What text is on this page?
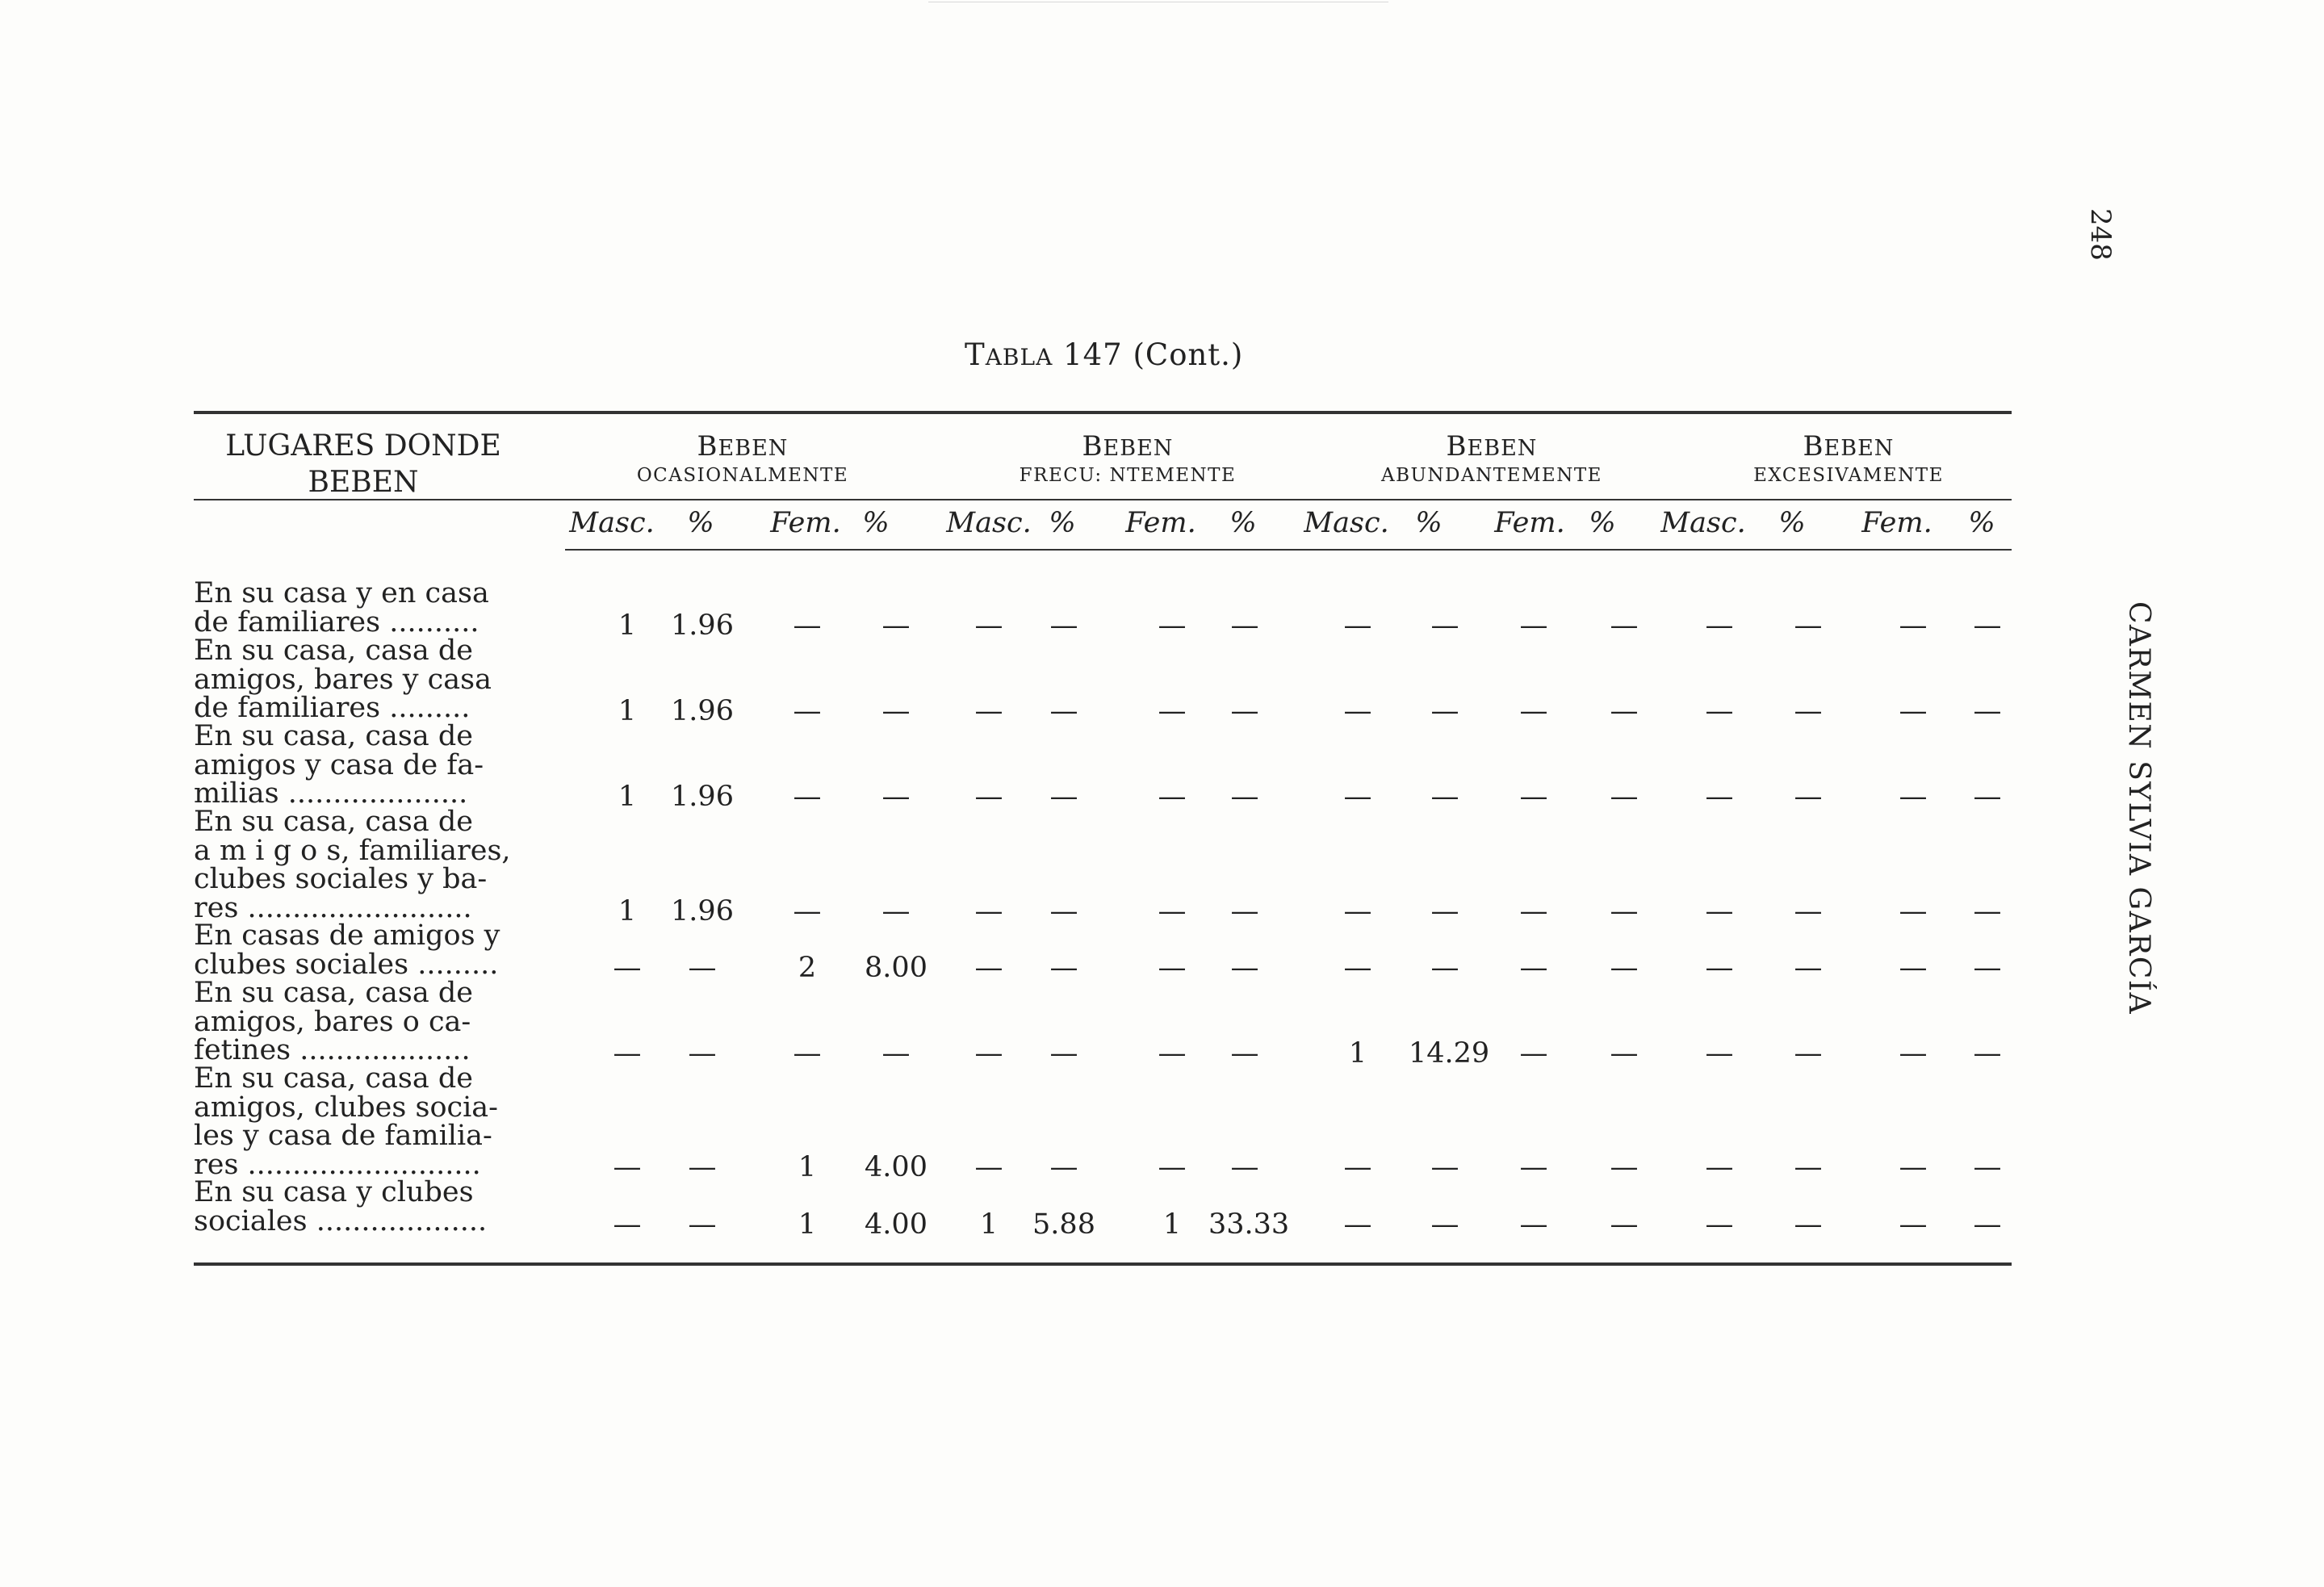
248
CARMEN SYLVIA GARCÍA
TABLA 147 (Cont.)
LUGARES DONDE
BEBEN
BEBEN
OCASIONALMENTE
BEBEN
FRECU: NTEMENTE
BEBEN
ABUNDANTEMENTE
BEBEN
EXCESIVAMENTE
Masc. % Fem. % Masc. % Fem. % Masc. % Fem. % Masc. % Fem. %
En su casa y en casa
de familiares ..........	1	1.96	—	—	—	—	—	—	—	—	—	—	—	—	—	—
En su casa, casa de
amigos, bares y casa
de familiares .........	1	1.96	—	—	—	—	—	—	—	—	—	—	—	—	—	—
En su casa, casa de
amigos y casa de fa-
milias ....................	1	1.96	—	—	—	—	—	—	—	—	—	—	—	—	—	—
En su casa, casa de
a m i g o s, familiares,
clubes sociales y ba-
res .........................	1	1.96	—	—	—	—	—	—	—	—	—	—	—	—	—	—
En casas de amigos y
clubes sociales .........	—	—	2	8.00	—	—	—	—	—	—	—	—	—	—	—	—
En su casa, casa de
amigos, bares o ca-
fetines ...................	—	—	—	—	—	—	—	—	1	14.29	—	—	—	—	—	—
En su casa, casa de
amigos, clubes socia-
les y casa de familia-
res ..........................	—	—	1	4.00	—	—	—	—	—	—	—	—	—	—	—	—
En su casa y clubes
sociales ...................	—	—	1	4.00	1	5.88	1 33.33	—	—	—	—	—	—	—	—
